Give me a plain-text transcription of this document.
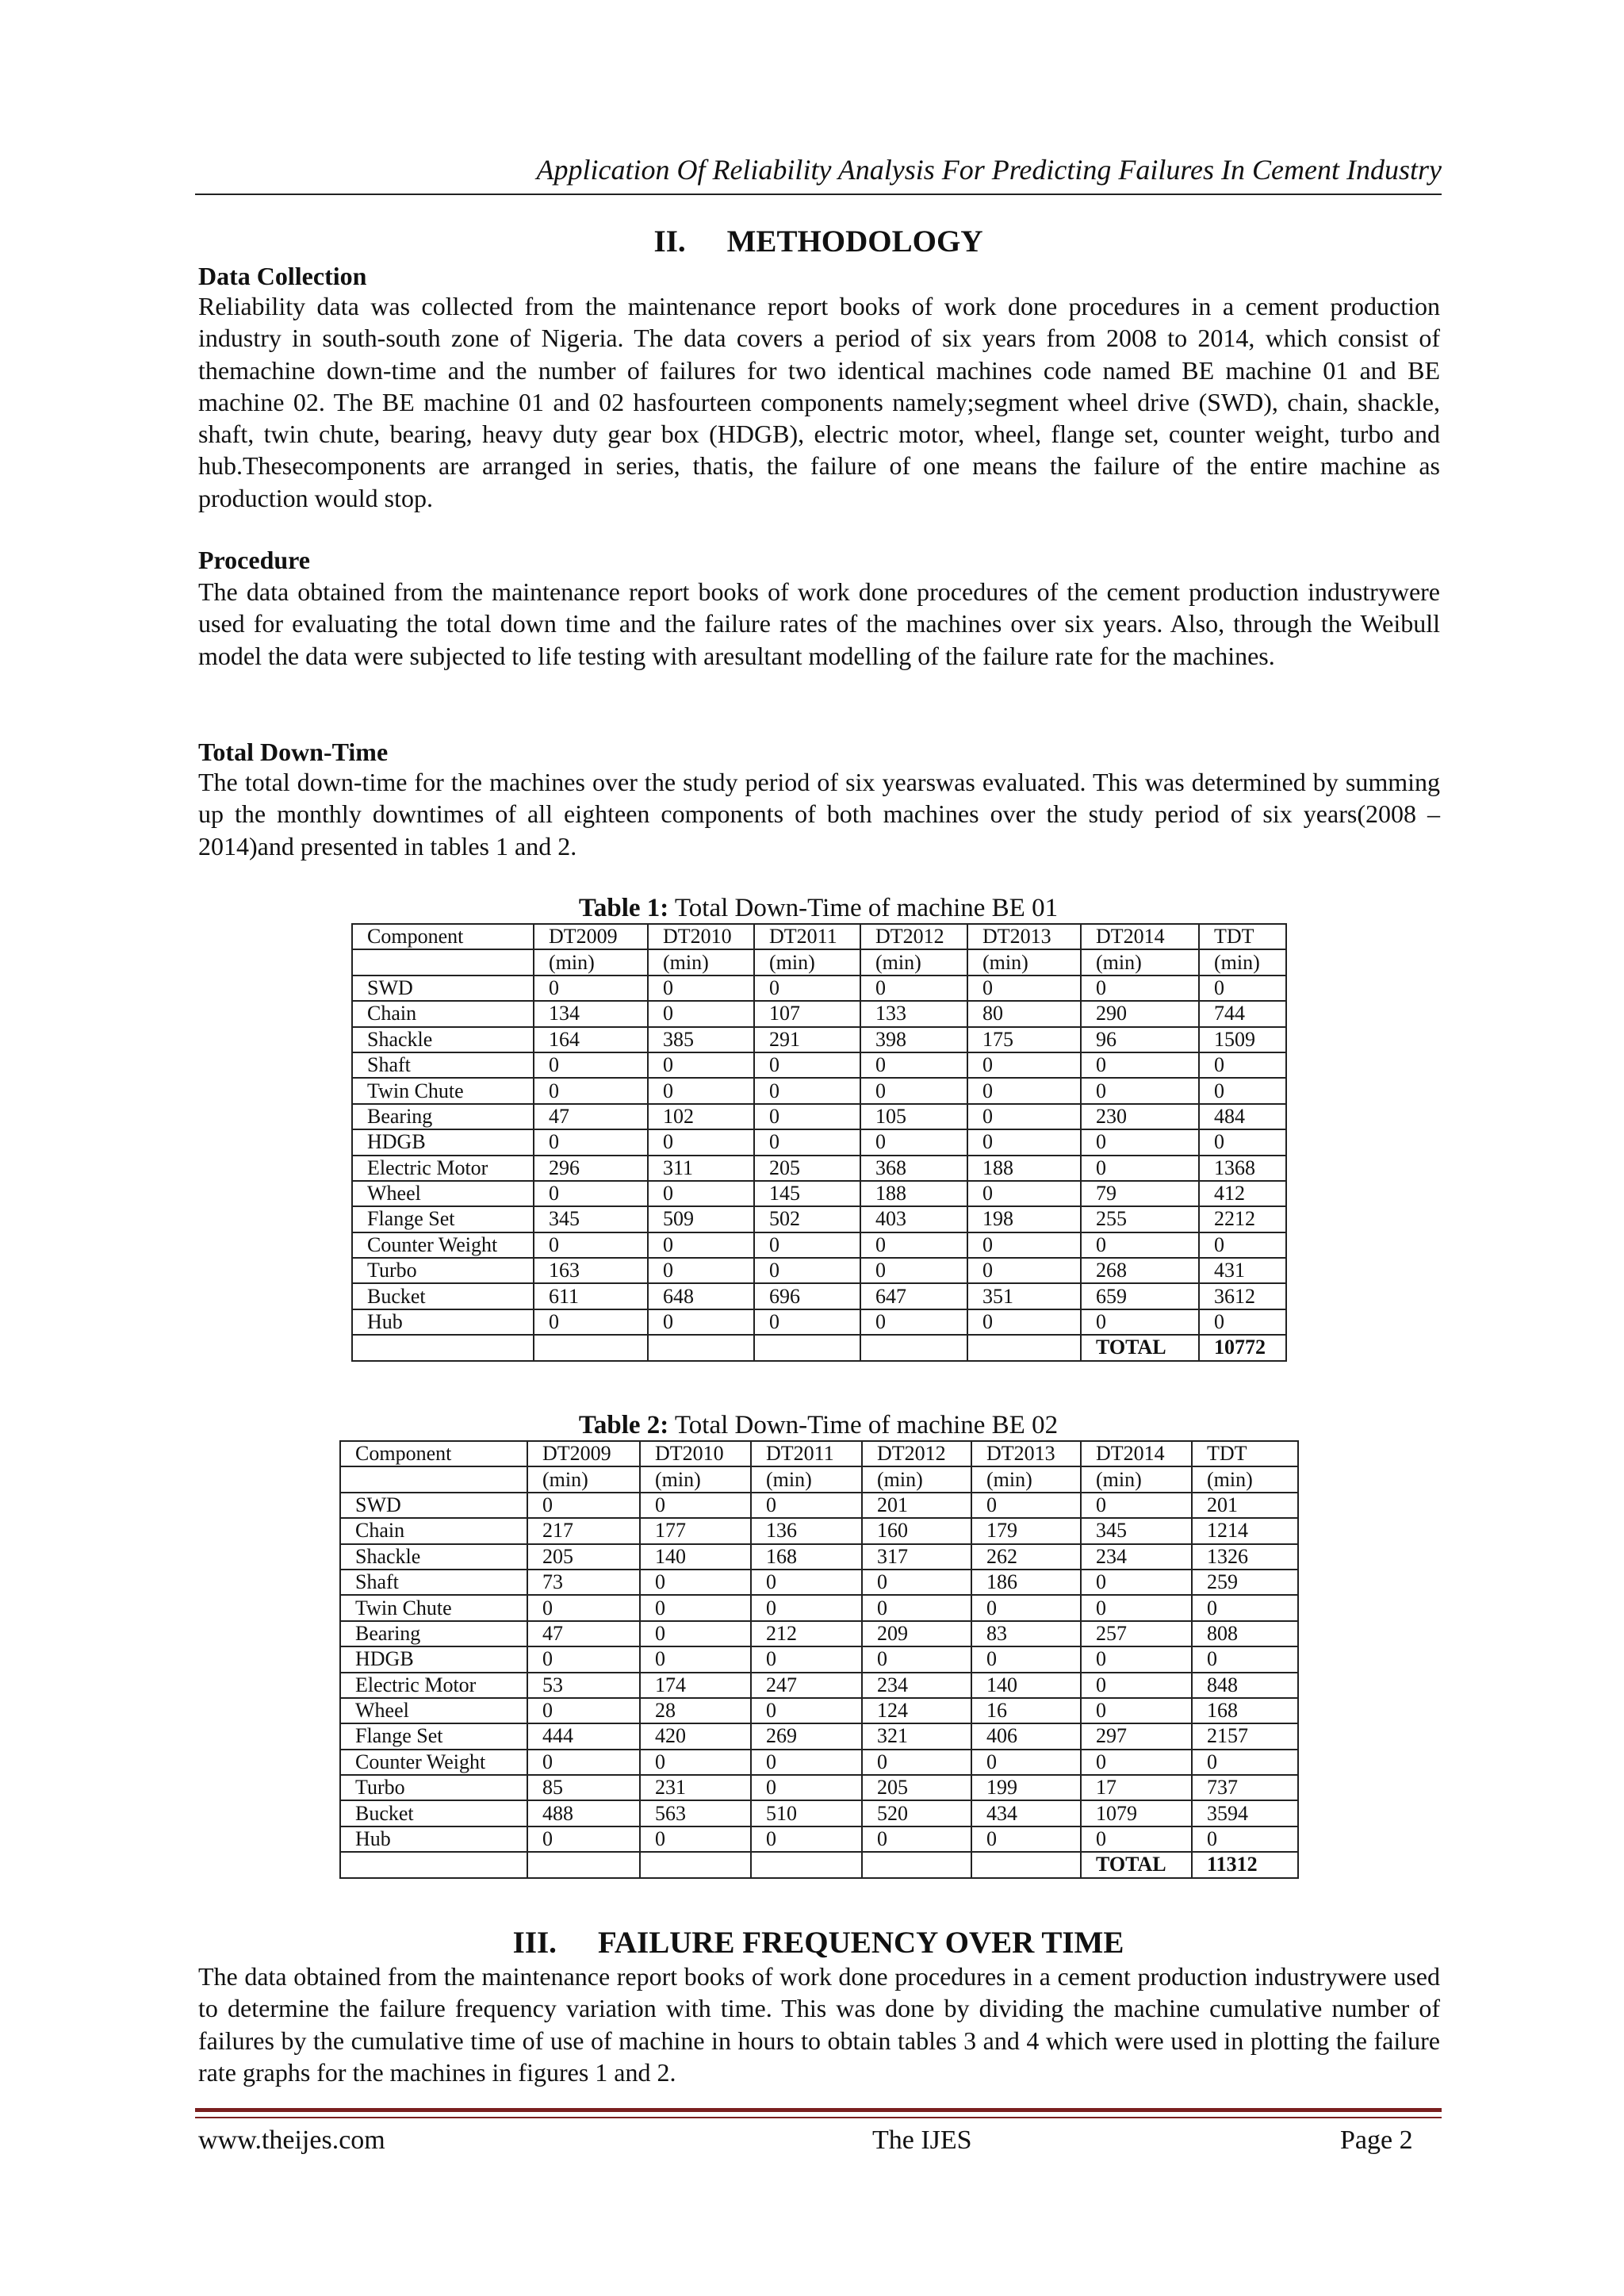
Application Of Reliability Analysis For Predicting Failures In Cement Industry
II. METHODOLOGY
Data Collection
Reliability data was collected from the maintenance report books of work done procedures in a cement production industry in south-south zone of Nigeria. The data covers a period of six years from 2008 to 2014, which consist of themachine down-time and the number of failures for two identical machines code named BE machine 01 and BE machine 02. The BE machine 01 and 02 hasfourteen components namely;segment wheel drive (SWD), chain, shackle, shaft, twin chute, bearing, heavy duty gear box (HDGB), electric motor, wheel, flange set, counter weight, turbo and hub.Thesecomponents are arranged in series, thatis, the failure of one means the failure of the entire machine as production would stop.
Procedure
The data obtained from the maintenance report books of work done procedures of the cement production industrywere used for evaluating the total down time and the failure rates of the machines over six years. Also, through the Weibull model the data were subjected to life testing with aresultant modelling of the failure rate for the machines.
Total Down-Time
The total down-time for the machines over the study period of six yearswas evaluated. This was determined by summing up the monthly downtimes of all eighteen components of both machines over the study period of six years(2008 – 2014)and presented in tables 1 and 2.
Table 1: Total Down-Time of machine BE 01
Component	DT2009	DT2010	DT2011	DT2012	DT2013	DT2014	TDT
	(min)	(min)	(min)	(min)	(min)	(min)	(min)
SWD	0	0	0	0	0	0	0
Chain	134	0	107	133	80	290	744
Shackle	164	385	291	398	175	96	1509
Shaft	0	0	0	0	0	0	0
Twin Chute	0	0	0	0	0	0	0
Bearing	47	102	0	105	0	230	484
HDGB	0	0	0	0	0	0	0
Electric Motor	296	311	205	368	188	0	1368
Wheel	0	0	145	188	0	79	412
Flange Set	345	509	502	403	198	255	2212
Counter Weight	0	0	0	0	0	0	0
Turbo	163	0	0	0	0	268	431
Bucket	611	648	696	647	351	659	3612
Hub	0	0	0	0	0	0	0
						TOTAL	10772
Table 2: Total Down-Time of machine BE 02
Component	DT2009	DT2010	DT2011	DT2012	DT2013	DT2014	TDT
	(min)	(min)	(min)	(min)	(min)	(min)	(min)
SWD	0	0	0	201	0	0	201
Chain	217	177	136	160	179	345	1214
Shackle	205	140	168	317	262	234	1326
Shaft	73	0	0	0	186	0	259
Twin Chute	0	0	0	0	0	0	0
Bearing	47	0	212	209	83	257	808
HDGB	0	0	0	0	0	0	0
Electric Motor	53	174	247	234	140	0	848
Wheel	0	28	0	124	16	0	168
Flange Set	444	420	269	321	406	297	2157
Counter Weight	0	0	0	0	0	0	0
Turbo	85	231	0	205	199	17	737
Bucket	488	563	510	520	434	1079	3594
Hub	0	0	0	0	0	0	0
						TOTAL	11312
III. FAILURE FREQUENCY OVER TIME
The data obtained from the maintenance report books of work done procedures in a cement production industrywere used to determine the failure frequency variation with time. This was done by dividing the machine cumulative number of failures by the cumulative time of use of machine in hours to obtain tables 3 and 4 which were used in plotting the failure rate graphs for the machines in figures 1 and 2.
www.theijes.com	The IJES	Page 2
